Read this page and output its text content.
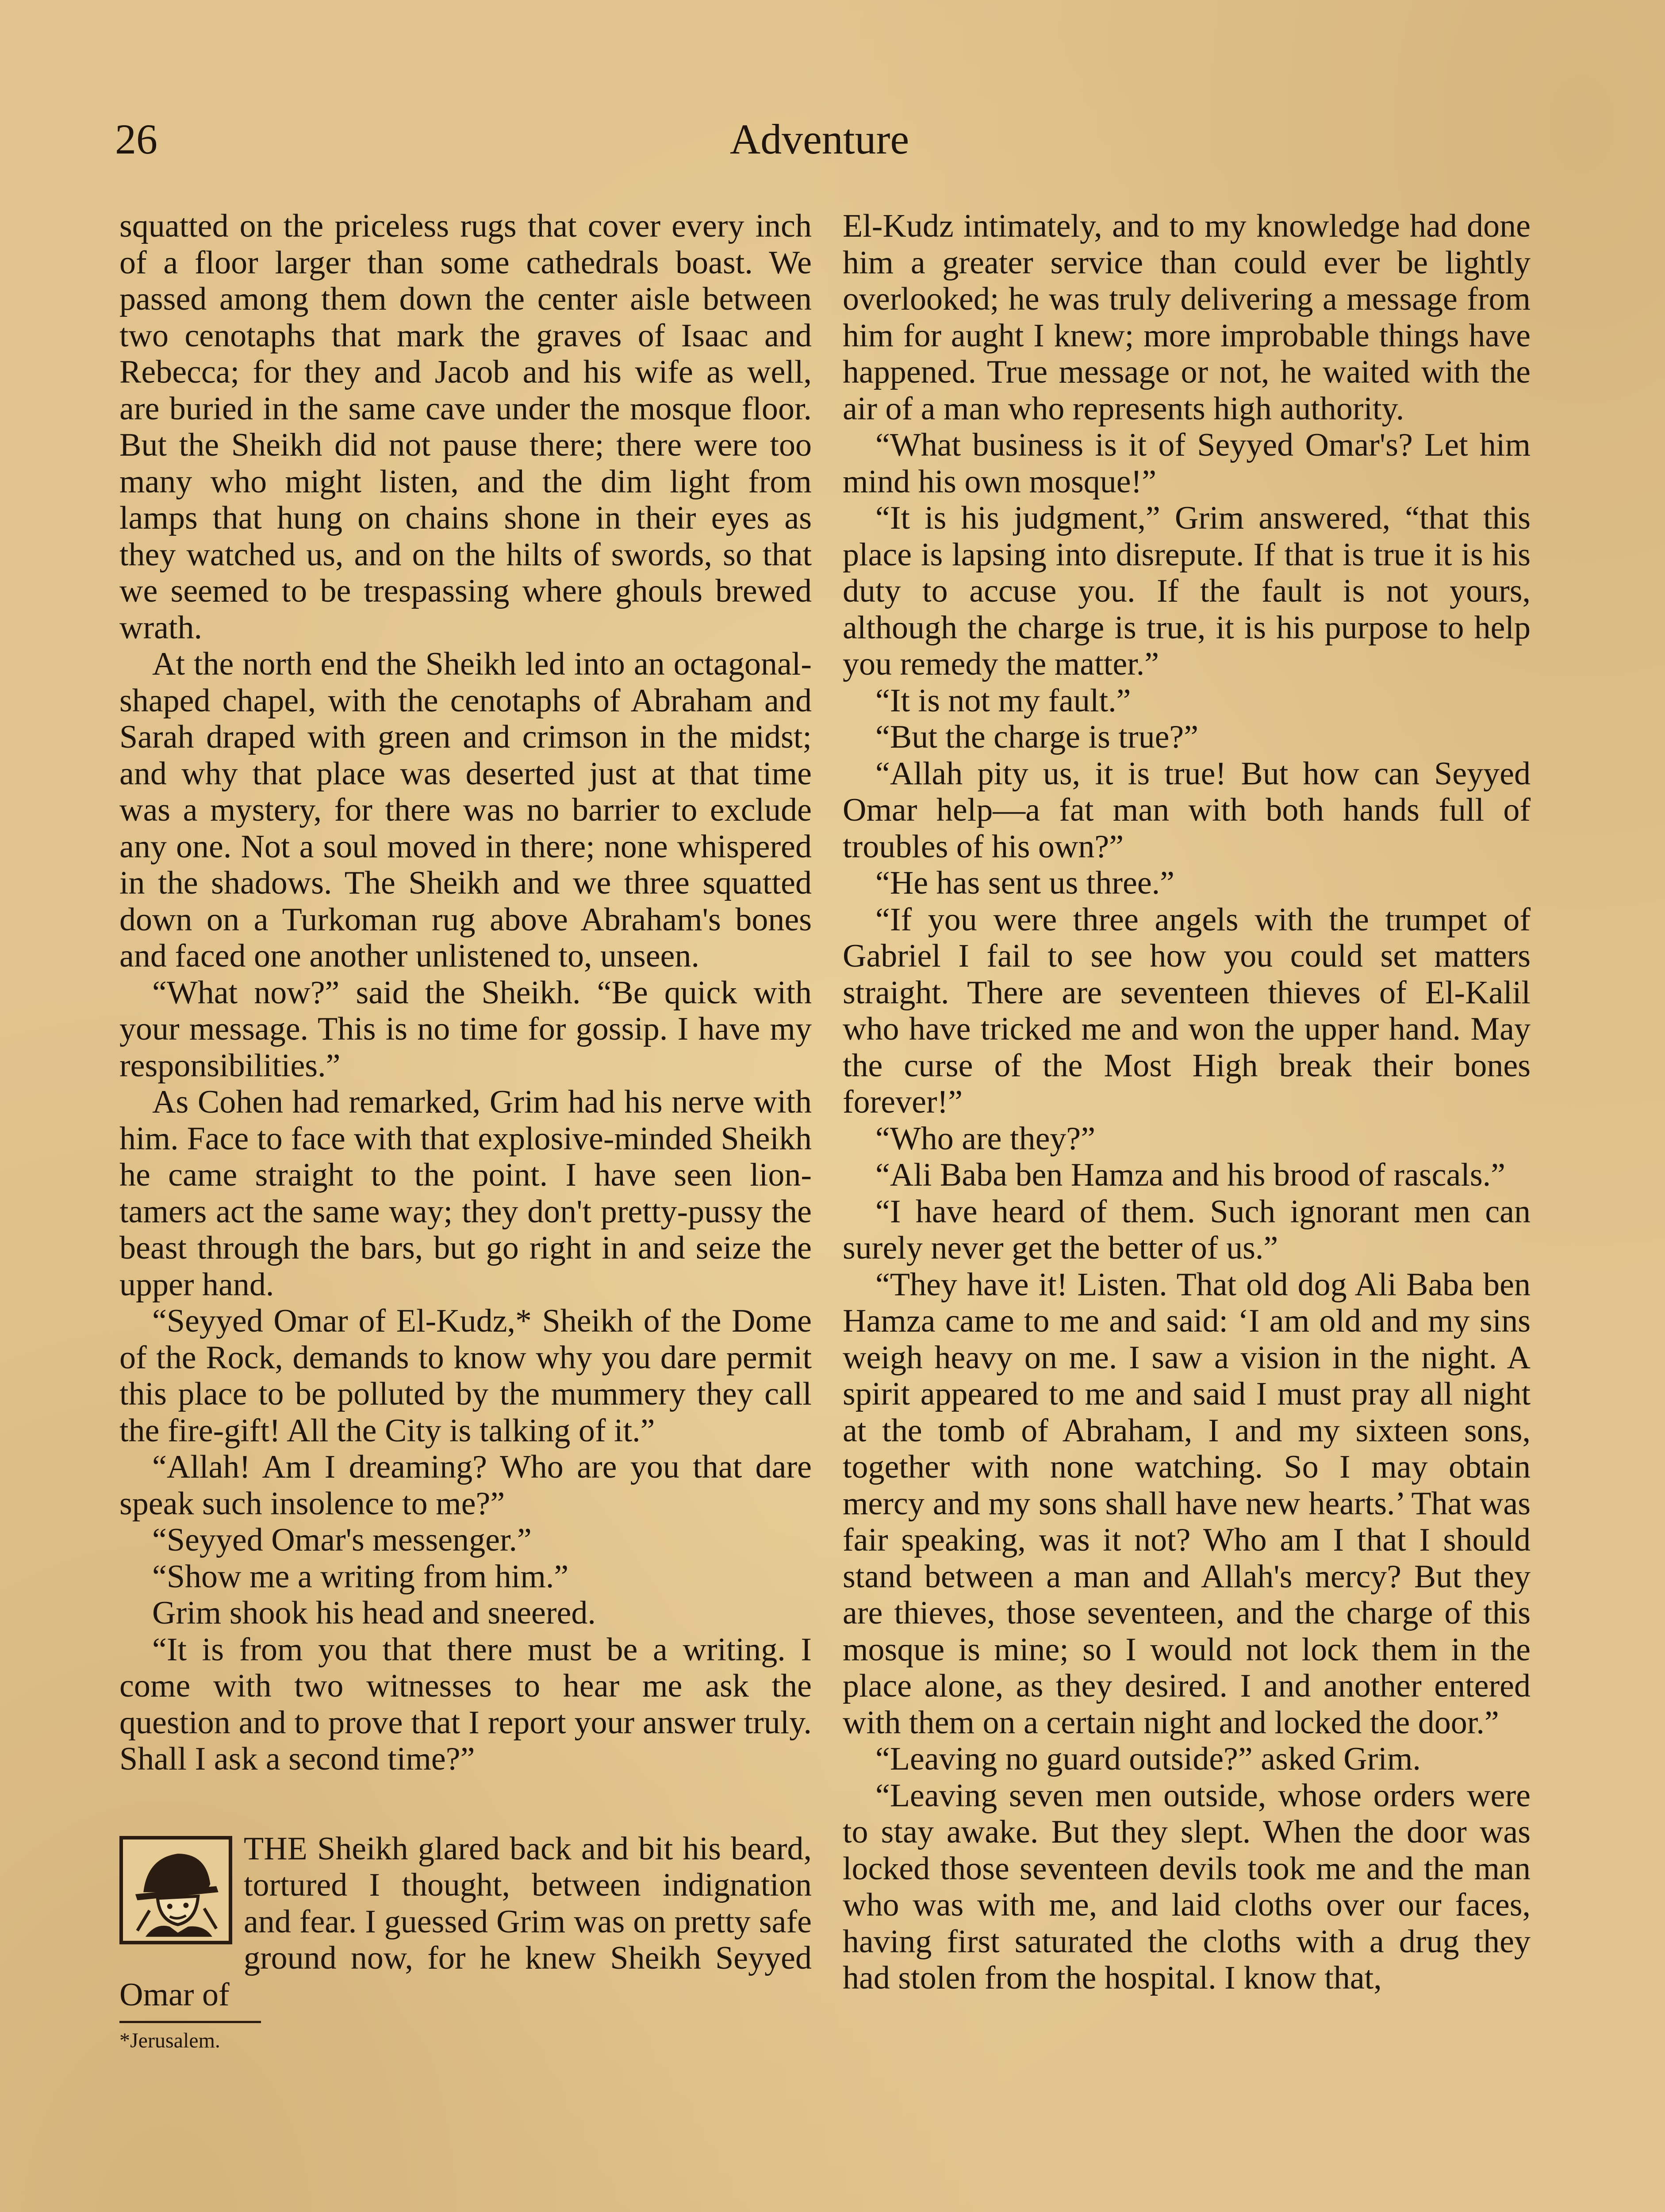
26	Adventure

squatted on the priceless rugs that cover every inch of a floor larger than some cathedrals boast. We passed among them down the center aisle between two cenotaphs that mark the graves of Isaac and Rebecca; for they and Jacob and his wife as well, are buried in the same cave under the mosque floor. But the Sheikh did not pause there; there were too many who might listen, and the dim light from lamps that hung on chains shone in their eyes as they watched us, and on the hilts of swords, so that we seemed to be trespassing where ghouls brewed wrath.

At the north end the Sheikh led into an octagonal-shaped chapel, with the cenotaphs of Abraham and Sarah draped with green and crimson in the midst; and why that place was deserted just at that time was a mystery, for there was no barrier to exclude any one. Not a soul moved in there; none whispered in the shadows. The Sheikh and we three squatted down on a Turkoman rug above Abraham's bones and faced one another unlistened to, unseen.

“What now?” said the Sheikh. “Be quick with your message. This is no time for gossip. I have my responsibilities.”

As Cohen had remarked, Grim had his nerve with him. Face to face with that explosive-minded Sheikh he came straight to the point. I have seen lion-tamers act the same way; they don't pretty-pussy the beast through the bars, but go right in and seize the upper hand.

“Seyyed Omar of El-Kudz,* Sheikh of the Dome of the Rock, demands to know why you dare permit this place to be polluted by the mummery they call the fire-gift! All the City is talking of it.”

“Allah! Am I dreaming? Who are you that dare speak such insolence to me?”

“Seyyed Omar's messenger.”

“Show me a writing from him.”

Grim shook his head and sneered.

“It is from you that there must be a writing. I come with two witnesses to hear me ask the question and to prove that I report your answer truly. Shall I ask a second time?”

THE Sheikh glared back and bit his beard, tortured I thought, between indignation and fear. I guessed Grim was on pretty safe ground now, for he knew Sheikh Seyyed Omar of

*Jerusalem.

El-Kudz intimately, and to my knowledge had done him a greater service than could ever be lightly overlooked; he was truly delivering a message from him for aught I knew; more improbable things have happened. True message or not, he waited with the air of a man who represents high authority.

“What business is it of Seyyed Omar's? Let him mind his own mosque!”

“It is his judgment,” Grim answered, “that this place is lapsing into disrepute. If that is true it is his duty to accuse you. If the fault is not yours, although the charge is true, it is his purpose to help you remedy the matter.”

“It is not my fault.”

“But the charge is true?”

“Allah pity us, it is true! But how can Seyyed Omar help—a fat man with both hands full of troubles of his own?”

“He has sent us three.”

“If you were three angels with the trumpet of Gabriel I fail to see how you could set matters straight. There are seventeen thieves of El-Kalil who have tricked me and won the upper hand. May the curse of the Most High break their bones forever!”

“Who are they?”

“Ali Baba ben Hamza and his brood of rascals.”

“I have heard of them. Such ignorant men can surely never get the better of us.”

“They have it! Listen. That old dog Ali Baba ben Hamza came to me and said: ‘I am old and my sins weigh heavy on me. I saw a vision in the night. A spirit appeared to me and said I must pray all night at the tomb of Abraham, I and my sixteen sons, together with none watching. So I may obtain mercy and my sons shall have new hearts.’ That was fair speaking, was it not? Who am I that I should stand between a man and Allah's mercy? But they are thieves, those seventeen, and the charge of this mosque is mine; so I would not lock them in the place alone, as they desired. I and another entered with them on a certain night and locked the door.”

“Leaving no guard outside?” asked Grim.

“Leaving seven men outside, whose orders were to stay awake. But they slept. When the door was locked those seventeen devils took me and the man who was with me, and laid cloths over our faces, having first saturated the cloths with a drug they had stolen from the hospital. I know that,
